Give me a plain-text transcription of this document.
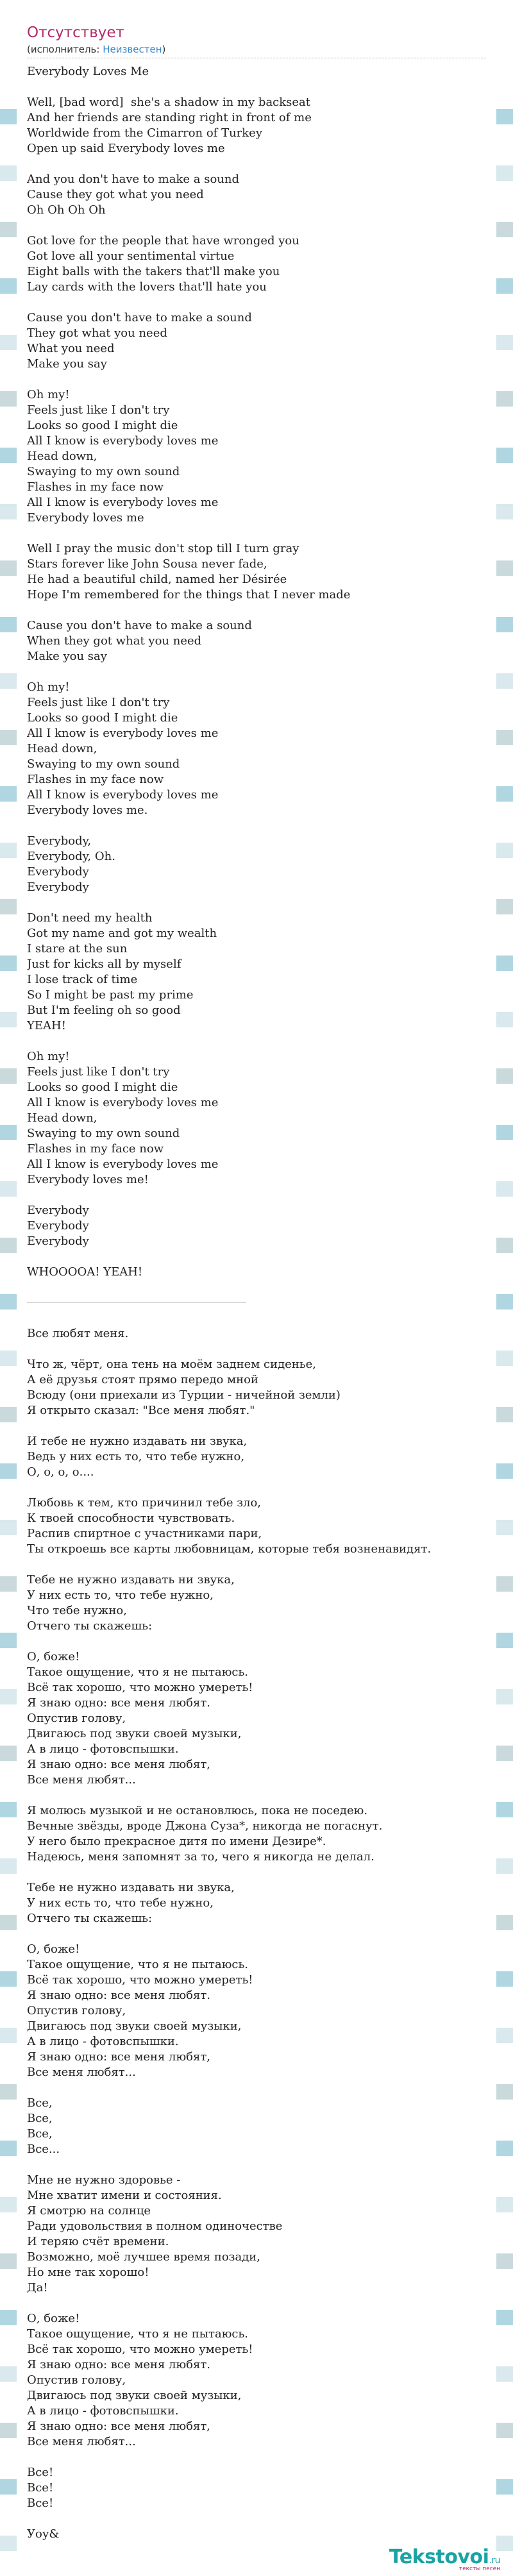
Отсутствует
(исполнитель: Неизвестен)
Everybody Loves Me
Well, [bad word]  she's a shadow in my backseat
And her friends are standing right in front of me
Worldwide from the Cimarron of Turkey
Open up said Everybody loves me
And you don't have to make a sound
Cause they got what you need
Oh Oh Oh Oh
Got love for the people that have wronged you
Got love all your sentimental virtue
Eight balls with the takers that'll make you
Lay cards with the lovers that'll hate you
Cause you don't have to make a sound
They got what you need
What you need
Make you say
Oh my!
Feels just like I don't try
Looks so good I might die
All I know is everybody loves me
Head down,
Swaying to my own sound
Flashes in my face now
All I know is everybody loves me
Everybody loves me
Well I pray the music don't stop till I turn gray
Stars forever like John Sousa never fade,
He had a beautiful child, named her Désirée
Hope I'm remembered for the things that I never made
Cause you don't have to make a sound
When they got what you need
Make you say
Oh my!
Feels just like I don't try
Looks so good I might die
All I know is everybody loves me
Head down,
Swaying to my own sound
Flashes in my face now
All I know is everybody loves me
Everybody loves me.
Everybody,
Everybody, Oh.
Everybody
Everybody
Don't need my health
Got my name and got my wealth
I stare at the sun
Just for kicks all by myself
I lose track of time
So I might be past my prime
But I'm feeling oh so good
YEAH!
Oh my!
Feels just like I don't try
Looks so good I might die
All I know is everybody loves me
Head down,
Swaying to my own sound
Flashes in my face now
All I know is everybody loves me
Everybody loves me!
Everybody
Everybody
Everybody
WHOOOOA! YEAH!
Все любят меня.
Что ж, чёрт, она тень на моём заднем сиденье,
А её друзья стоят прямо передо мной
Всюду (они приехали из Турции - ничейной земли)
Я открыто сказал: "Все меня любят."
И тебе не нужно издавать ни звука,
Ведь у них есть то, что тебе нужно,
О, о, о, о....
Любовь к тем, кто причинил тебе зло,
К твоей способности чувствовать.
Распив спиртное с участниками пари,
Ты откроешь все карты любовницам, которые тебя возненавидят.
Тебе не нужно издавать ни звука,
У них есть то, что тебе нужно,
Что тебе нужно,
Отчего ты скажешь:
О, боже!
Такое ощущение, что я не пытаюсь.
Всё так хорошо, что можно умереть!
Я знаю одно: все меня любят.
Опустив голову,
Двигаюсь под звуки своей музыки,
А в лицо - фотовспышки.
Я знаю одно: все меня любят,
Все меня любят...
Я молюсь музыкой и не остановлюсь, пока не поседею.
Вечные звёзды, вроде Джона Суза*, никогда не погаснут.
У него было прекрасное дитя по имени Дезире*.
Надеюсь, меня запомнят за то, чего я никогда не делал.
Тебе не нужно издавать ни звука,
У них есть то, что тебе нужно,
Отчего ты скажешь:
О, боже!
Такое ощущение, что я не пытаюсь.
Всё так хорошо, что можно умереть!
Я знаю одно: все меня любят.
Опустив голову,
Двигаюсь под звуки своей музыки,
А в лицо - фотовспышки.
Я знаю одно: все меня любят,
Все меня любят...
Все,
Все,
Все,
Все...
Мне не нужно здоровье -
Мне хватит имени и состояния.
Я смотрю на солнце
Ради удовольствия в полном одиночестве
И теряю счёт времени.
Возможно, моё лучшее время позади,
Но мне так хорошо!
Да!
О, боже!
Такое ощущение, что я не пытаюсь.
Всё так хорошо, что можно умереть!
Я знаю одно: все меня любят.
Опустив голову,
Двигаюсь под звуки своей музыки,
А в лицо - фотовспышки.
Я знаю одно: все меня любят,
Все меня любят...
Все!
Все!
Все!
Уоу&
Tekstovoi.ru
тексты песен
